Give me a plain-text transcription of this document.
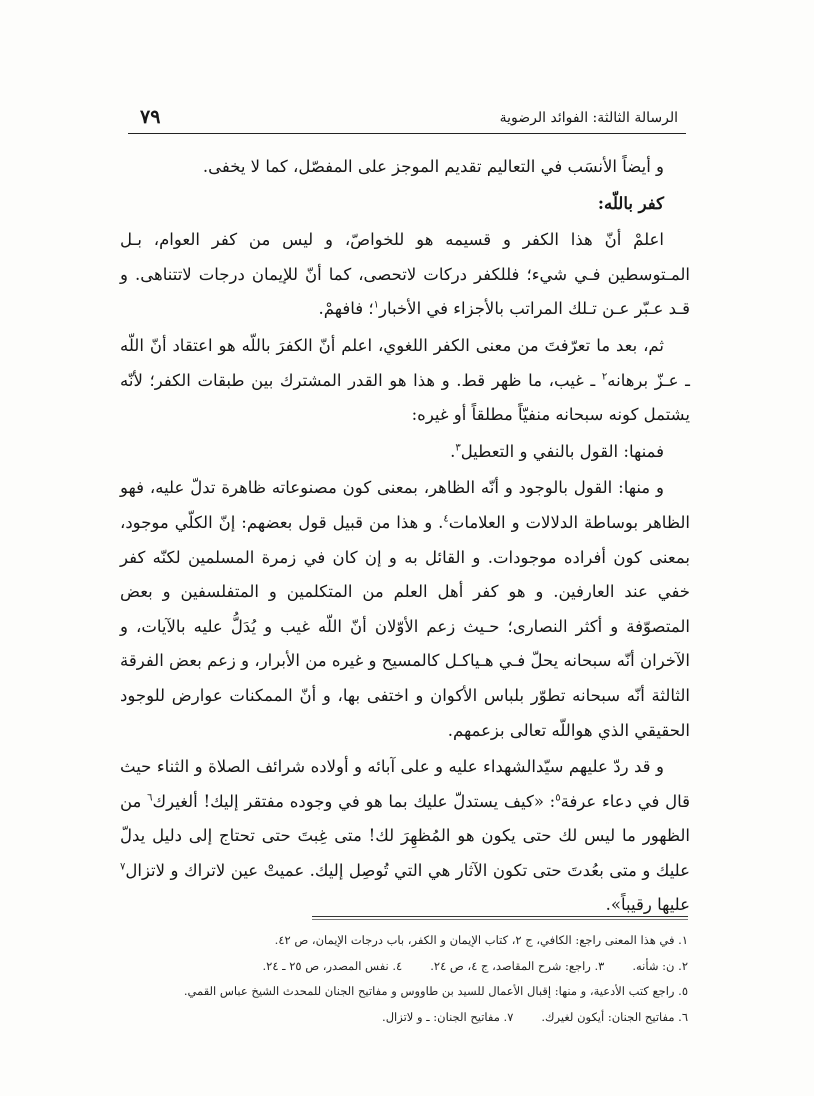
٧٩	الرسالة الثالثة: الفوائد الرضوية

و أيضاً الأنسَب في التعاليم تقديم الموجز على المفصّل، كما لا يخفى.

كفر باللّه:

اعلمْ أنّ هذا الكفر و قسيمه هو للخواصّ، و ليس من كفر العوام، بـل المـتوسطين فـي شيء؛ فللكفر دركات لاتحصى، كما أنّ للإيمان درجات لاتتناهى. و قـد عـبّر عـن تـلك المراتب بالأجزاء في الأخبار$^١$؛ فافهمْ.

ثم، بعد ما تعرّفتَ من معنى الكفر اللغوي، اعلم أنّ الكفرَ باللّه هو اعتقاد أنّ اللّه ـ عـزّ برهانه$^٢$ ـ غيب، ما ظهر قط. و هذا هو القدر المشترك بين طبقات الكفر؛ لأنّه يشتمل كونه سبحانه منفيّاً مطلقاً أو غيره:

فمنها: القول بالنفي و التعطيل$^٣$.

و منها: القول بالوجود و أنّه الظاهر، بمعنى كون مصنوعاته ظاهرة تدلّ عليه، فهو الظاهر بوساطة الدلالات و العلامات$^٤$. و هذا من قبيل قول بعضهم: إنّ الكلّي موجود، بمعنى كون أفراده موجودات. و القائل به و إن كان في زمرة المسلمين لكنّه كفر خفي عند العارفين. و هو كفر أهل العلم من المتكلمين و المتفلسفين و بعض المتصوّفة و أكثر النصارى؛ حـيث زعم الأوّلان أنّ اللّه غيب و يُدَلُّ عليه بالآيات، و الآخران أنّه سبحانه يحلّ فـي هـياكـل كالمسيح و غيره من الأبرار، و زعم بعض الفرقة الثالثة أنّه سبحانه تطوّر بلباس الأكوان و اختفى بها، و أنّ الممكنات عوارض للوجود الحقيقي الذي هواللّه تعالى بزعمهم.

و قد ردّ عليهم سيّدالشهداء عليه و على آبائه و أولاده شرائف الصلاة و الثناء حيث قال في دعاء عرفة$^٥$: «كيف يستدلّ عليك بما هو في وجوده مفتقر إليك! ألغيرك$^٦$ من الظهور ما ليس لك حتى يكون هو المُظهِرَ لك! متى غِبتَ حتى تحتاج إلى دليل يدلّ عليك و متى بعُدتَ حتى تكون الآثار هي التي تُوصِل إليك. عميتْ عين لاتراك و لاتزال$^٧$ عليها رقيباً».

١. في هذا المعنى راجع: الكافي، ج ٢، كتاب الإيمان و الكفر، باب درجات الإيمان، ص ٤٢.
٢. ن: شأنه.٣. راجع: شرح المقاصد، ج ٤، ص ٢٤.٤. نفس المصدر، ص ٢٥ ـ ٢٤.
٥. راجع كتب الأدعية، و منها: إقبال الأعمال للسيد بن طاووس و مفاتيح الجنان للمحدث الشيخ عباس القمي.
٦. مفاتيح الجنان: أيكون لغيرك.٧. مفاتيح الجنان: ـ و لاتزال.
